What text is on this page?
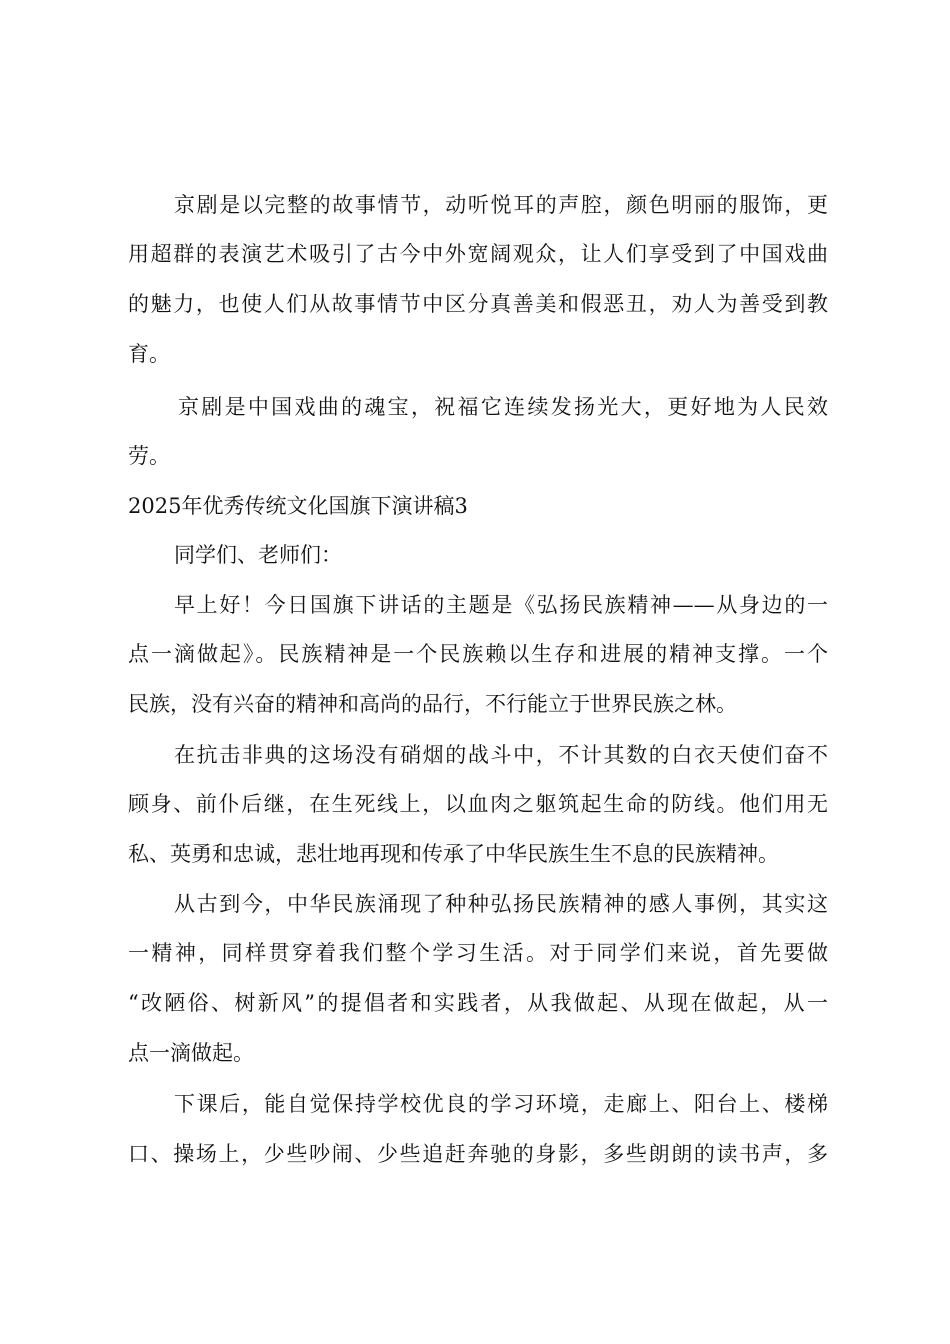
京剧是以完整的故事情节，动听悦耳的声腔，颜色明丽的服饰，更
用超群的表演艺术吸引了古今中外宽阔观众，让人们享受到了中国戏曲
的魅力，也使人们从故事情节中区分真善美和假恶丑，劝人为善受到教
育。
京剧是中国戏曲的魂宝，祝福它连续发扬光大，更好地为人民效
劳。
2025年优秀传统文化国旗下演讲稿3
同学们、老师们：
早上好！今日国旗下讲话的主题是《弘扬民族精神——从身边的一
点一滴做起》。民族精神是一个民族赖以生存和进展的精神支撑。一个
民族，没有兴奋的精神和高尚的品行，不行能立于世界民族之林。
在抗击非典的这场没有硝烟的战斗中，不计其数的白衣天使们奋不
顾身、前仆后继，在生死线上，以血肉之躯筑起生命的防线。他们用无
私、英勇和忠诚，悲壮地再现和传承了中华民族生生不息的民族精神。
从古到今，中华民族涌现了种种弘扬民族精神的感人事例，其实这
一精神，同样贯穿着我们整个学习生活。对于同学们来说，首先要做
“改陋俗、树新风”的提倡者和实践者，从我做起、从现在做起，从一
点一滴做起。
下课后，能自觉保持学校优良的学习环境，走廊上、阳台上、楼梯
口、操场上，少些吵闹、少些追赶奔驰的身影，多些朗朗的读书声，多
